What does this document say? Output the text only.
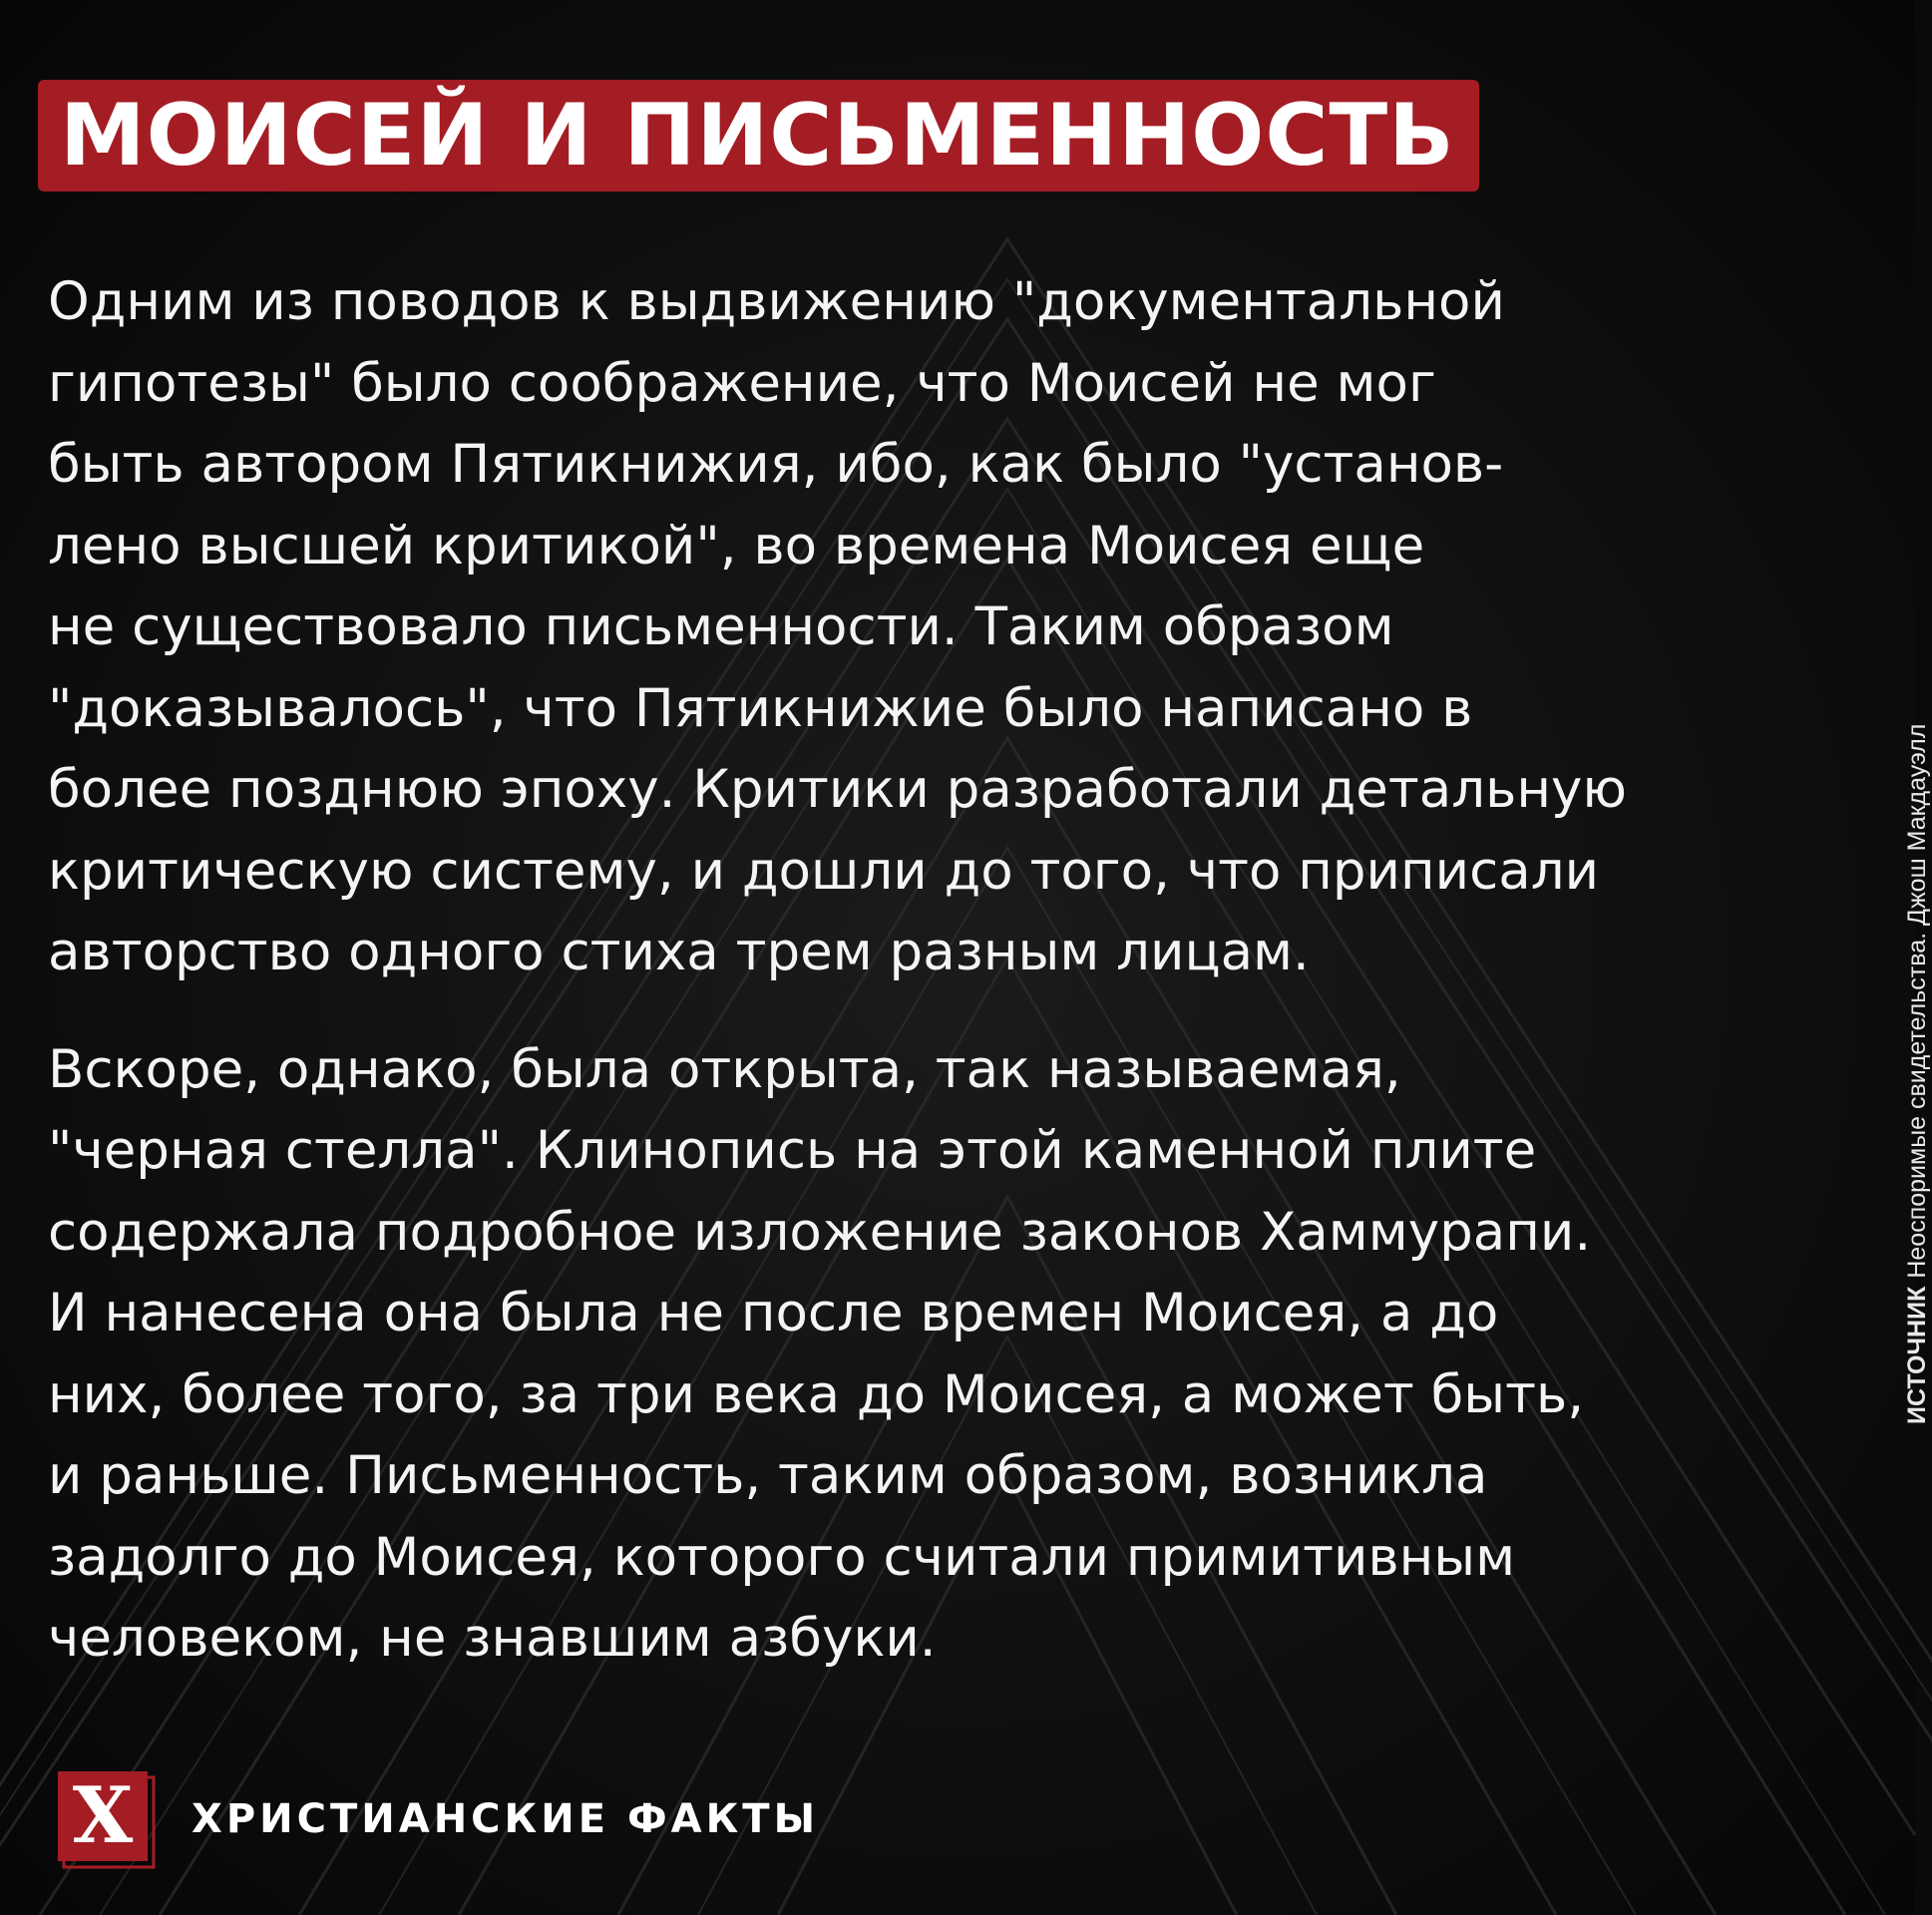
МОИСЕЙ И ПИСЬМЕННОСТЬ
Одним из поводов к выдвижению "документальной
гипотезы" было соображение, что Моисей не мог
быть автором Пятикнижия, ибо, как было "установ-
лено высшей критикой", во времена Моисея еще
не существовало письменности. Таким образом
"доказывалось", что Пятикнижие было написано в
более позднюю эпоху. Критики разработали детальную
критическую систему, и дошли до того, что приписали
авторство одного стиха трем разным лицам.
Вскоре, однако, была открыта, так называемая,
"черная стелла". Клинопись на этой каменной плите
содержала подробное изложение законов Хаммурапи.
И нанесена она была не после времен Моисея, а до
них, более того, за три века до Моисея, а может быть,
и раньше. Письменность, таким образом, возникла
задолго до Моисея, которого считали примитивным
человеком, не знавшим азбуки.
ИСТОЧНИКНеоспоримые свидетельства. Джош Макдауэлл
X	ХРИСТИАНСКИЕ ФАКТЫ
